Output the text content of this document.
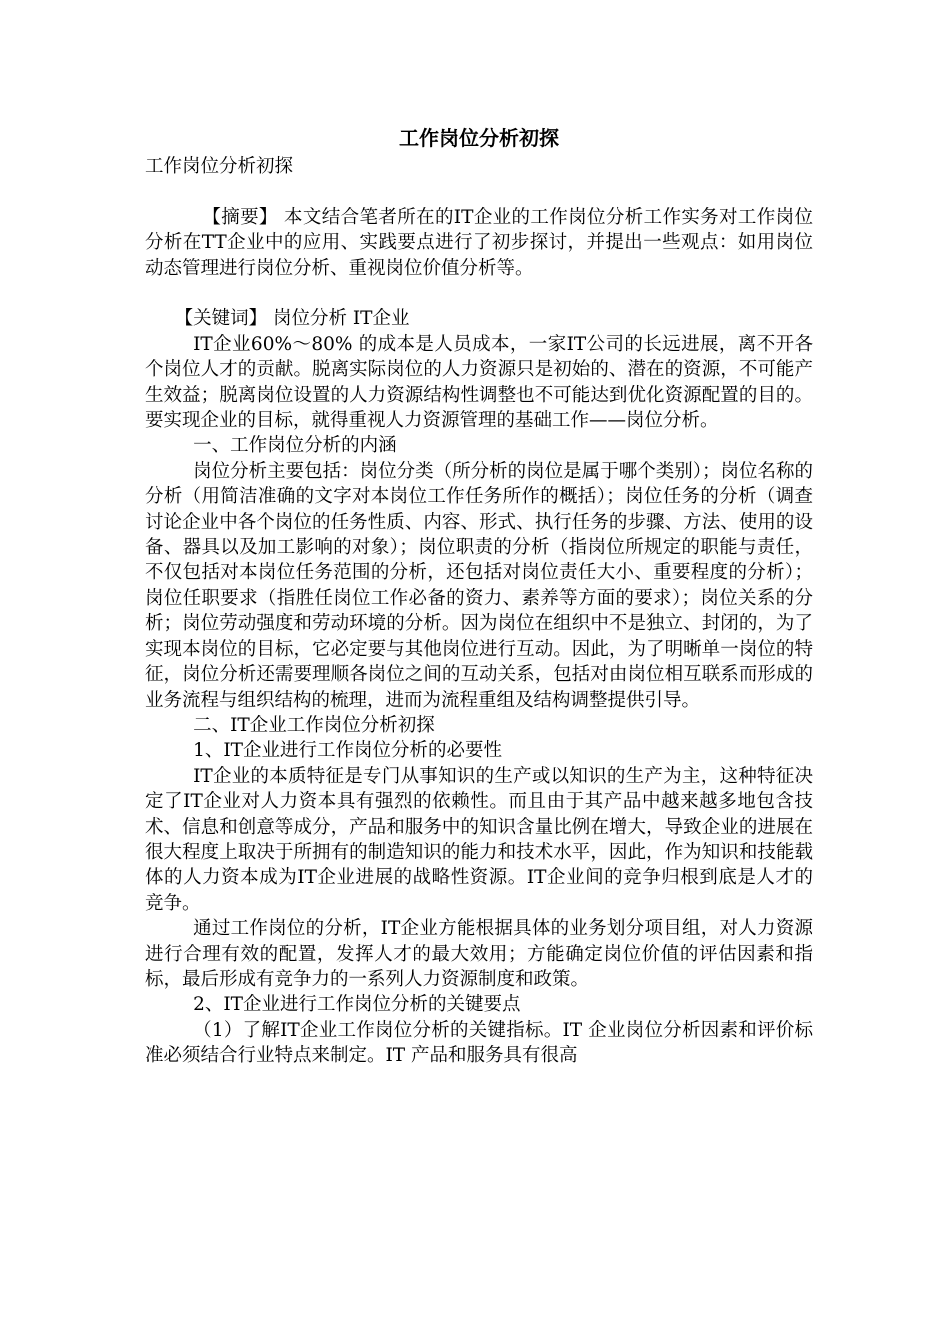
工作岗位分析初探

工作岗位分析初探

【摘要】 本文结合笔者所在的IT企业的工作岗位分析工作实务对工作岗位分析在TT企业中的应用、实践要点进行了初步探讨，并提出一些观点：如用岗位动态管理进行岗位分析、重视岗位价值分析等。

【关键词】 岗位分析 IT企业

IT企业60%～80% 的成本是人员成本，一家IT公司的长远进展，离不开各个岗位人才的贡献。脱离实际岗位的人力资源只是初始的、潜在的资源，不可能产生效益；脱离岗位设置的人力资源结构性调整也不可能达到优化资源配置的目的。要实现企业的目标，就得重视人力资源管理的基础工作——岗位分析。

一、工作岗位分析的内涵

岗位分析主要包括：岗位分类（所分析的岗位是属于哪个类别）；岗位名称的分析（用简洁准确的文字对本岗位工作任务所作的概括）；岗位任务的分析（调查讨论企业中各个岗位的任务性质、内容、形式、执行任务的步骤、方法、使用的设备、器具以及加工影响的对象）；岗位职责的分析（指岗位所规定的职能与责任，不仅包括对本岗位任务范围的分析，还包括对岗位责任大小、重要程度的分析）；岗位任职要求（指胜任岗位工作必备的资力、素养等方面的要求）；岗位关系的分析；岗位劳动强度和劳动环境的分析。因为岗位在组织中不是独立、封闭的，为了实现本岗位的目标，它必定要与其他岗位进行互动。因此，为了明晰单一岗位的特征，岗位分析还需要理顺各岗位之间的互动关系，包括对由岗位相互联系而形成的业务流程与组织结构的梳理，进而为流程重组及结构调整提供引导。

二、IT企业工作岗位分析初探

1、IT企业进行工作岗位分析的必要性

IT企业的本质特征是专门从事知识的生产或以知识的生产为主，这种特征决定了IT企业对人力资本具有强烈的依赖性。而且由于其产品中越来越多地包含技术、信息和创意等成分，产品和服务中的知识含量比例在增大，导致企业的进展在很大程度上取决于所拥有的制造知识的能力和技术水平，因此，作为知识和技能载体的人力资本成为IT企业进展的战略性资源。IT企业间的竞争归根到底是人才的竞争。

通过工作岗位的分析，IT企业方能根据具体的业务划分项目组，对人力资源进行合理有效的配置，发挥人才的最大效用；方能确定岗位价值的评估因素和指标，最后形成有竞争力的一系列人力资源制度和政策。

2、IT企业进行工作岗位分析的关键要点

（1）了解IT企业工作岗位分析的关键指标。IT 企业岗位分析因素和评价标准必须结合行业特点来制定。IT 产品和服务具有很高
